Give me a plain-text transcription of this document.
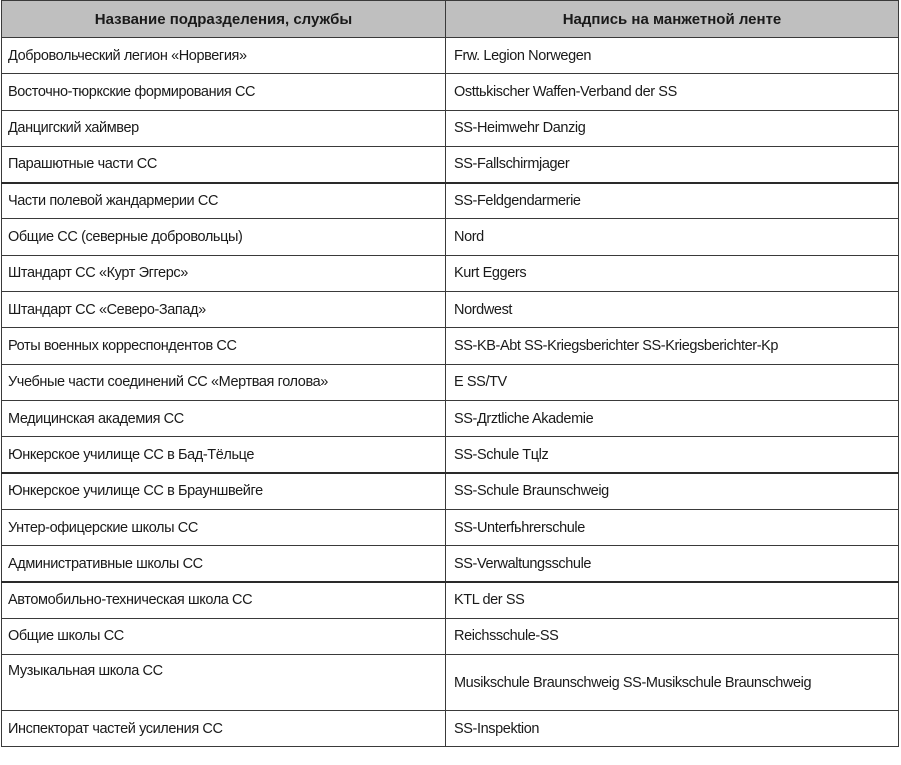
Название подразделения, службы	Надпись на манжетной ленте
Добровольческий легион «Норвегия»	Frw. Legion Norwegen
Восточно-тюркские формирования СС	Osttьkischer Waffen-Verband der SS
Данцигский хаймвер	SS-Heimwehr Danzig
Парашютные части СС	SS-Fallschirmjager
Части полевой жандармерии СС	SS-Feldgendarmerie
Общие СС (северные добровольцы)	Nord
Штандарт СС «Курт Эггерс»	Kurt Eggers
Штандарт СС «Северо-Запад»	Nordwest
Роты военных корреспондентов СС	SS-KB-Abt SS-Kriegsberichter SS-Kriegsberichter-Kp
Учебные части соединений СС «Мертвая голова»	E SS/TV
Медицинская академия СС	SS-Дrztliche Akademie
Юнкерское училище СС в Бад-Тёльце	SS-Schule Tцlz
Юнкерское училище СС в Брауншвейге	SS-Schule Braunschweig
Унтер-офицерские школы СС	SS-Unterfьhrerschule
Административные школы СС	SS-Verwaltungsschule
Автомобильно-техническая школа СС	KTL der SS
Общие школы СС	Reichsschule-SS
Музыкальная школа СС	Musikschule Braunschweig SS-Musikschule Braunschweig
Инспекторат частей усиления СС	SS-Inspektion
